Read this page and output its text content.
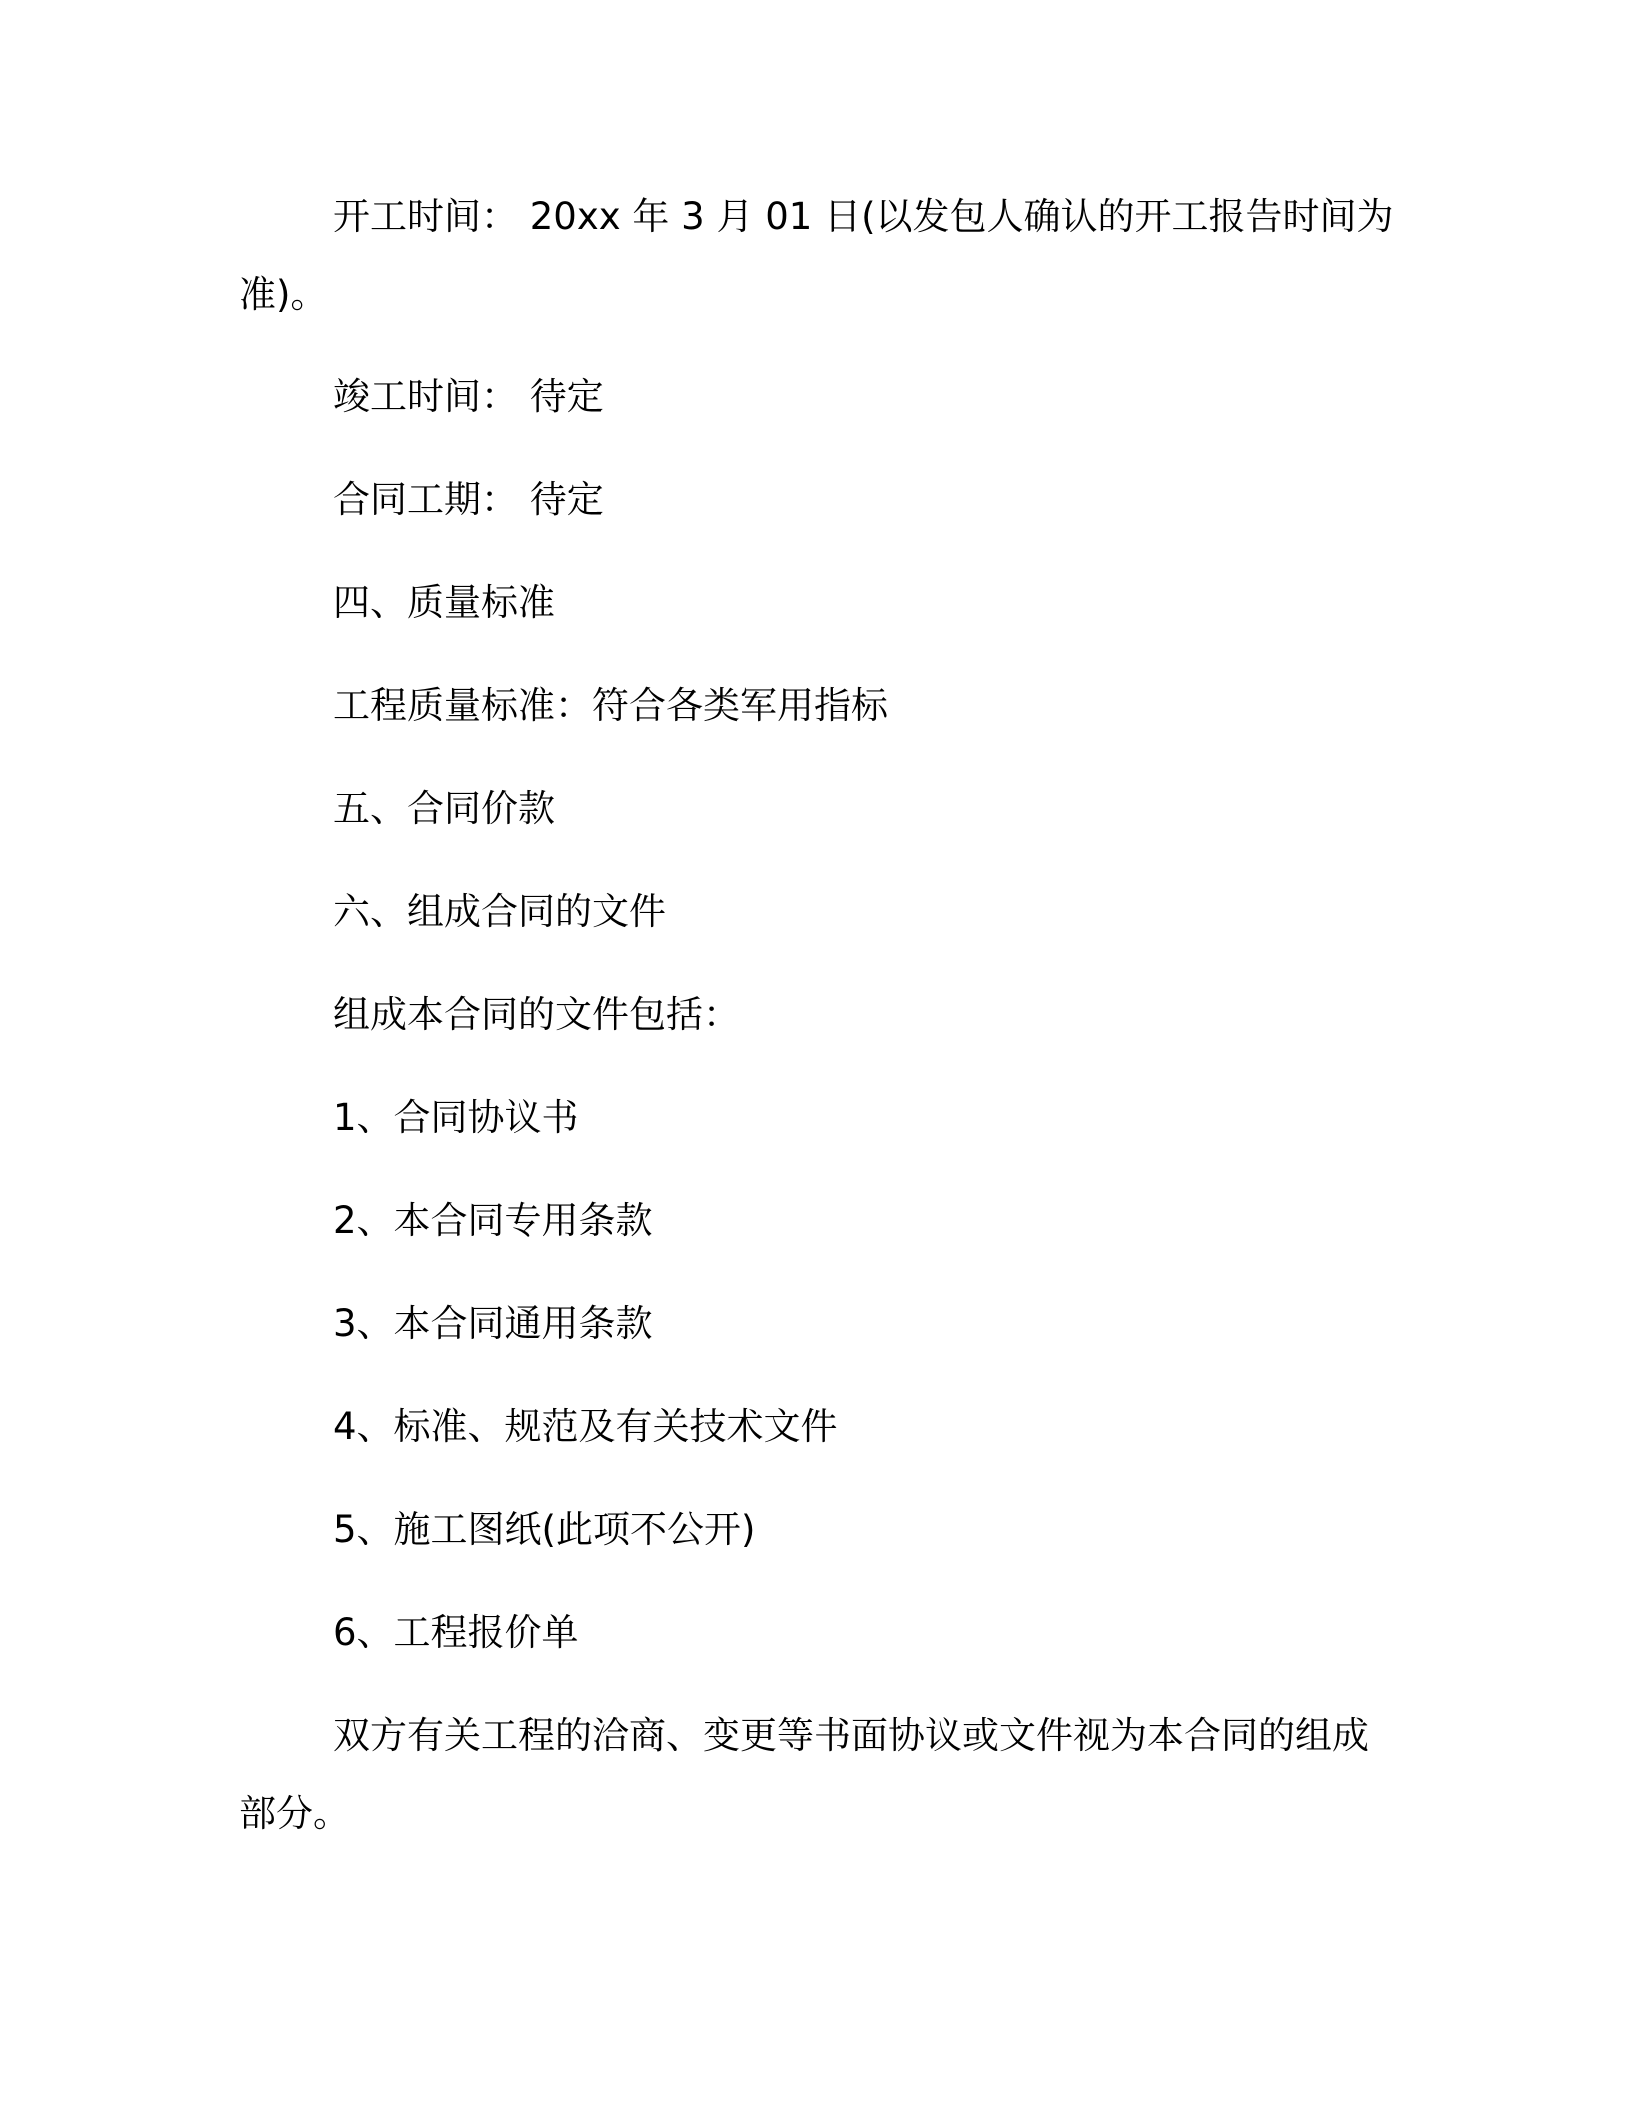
开工时间： 20xx 年 3 月 01 日(以发包人确认的开工报告时间为
准)。
竣工时间： 待定
合同工期： 待定
四、质量标准
工程质量标准：符合各类军用指标
五、合同价款
六、组成合同的文件
组成本合同的文件包括：
1、合同协议书
2、本合同专用条款
3、本合同通用条款
4、标准、规范及有关技术文件
5、施工图纸(此项不公开)
6、工程报价单
双方有关工程的洽商、变更等书面协议或文件视为本合同的组成
部分。
